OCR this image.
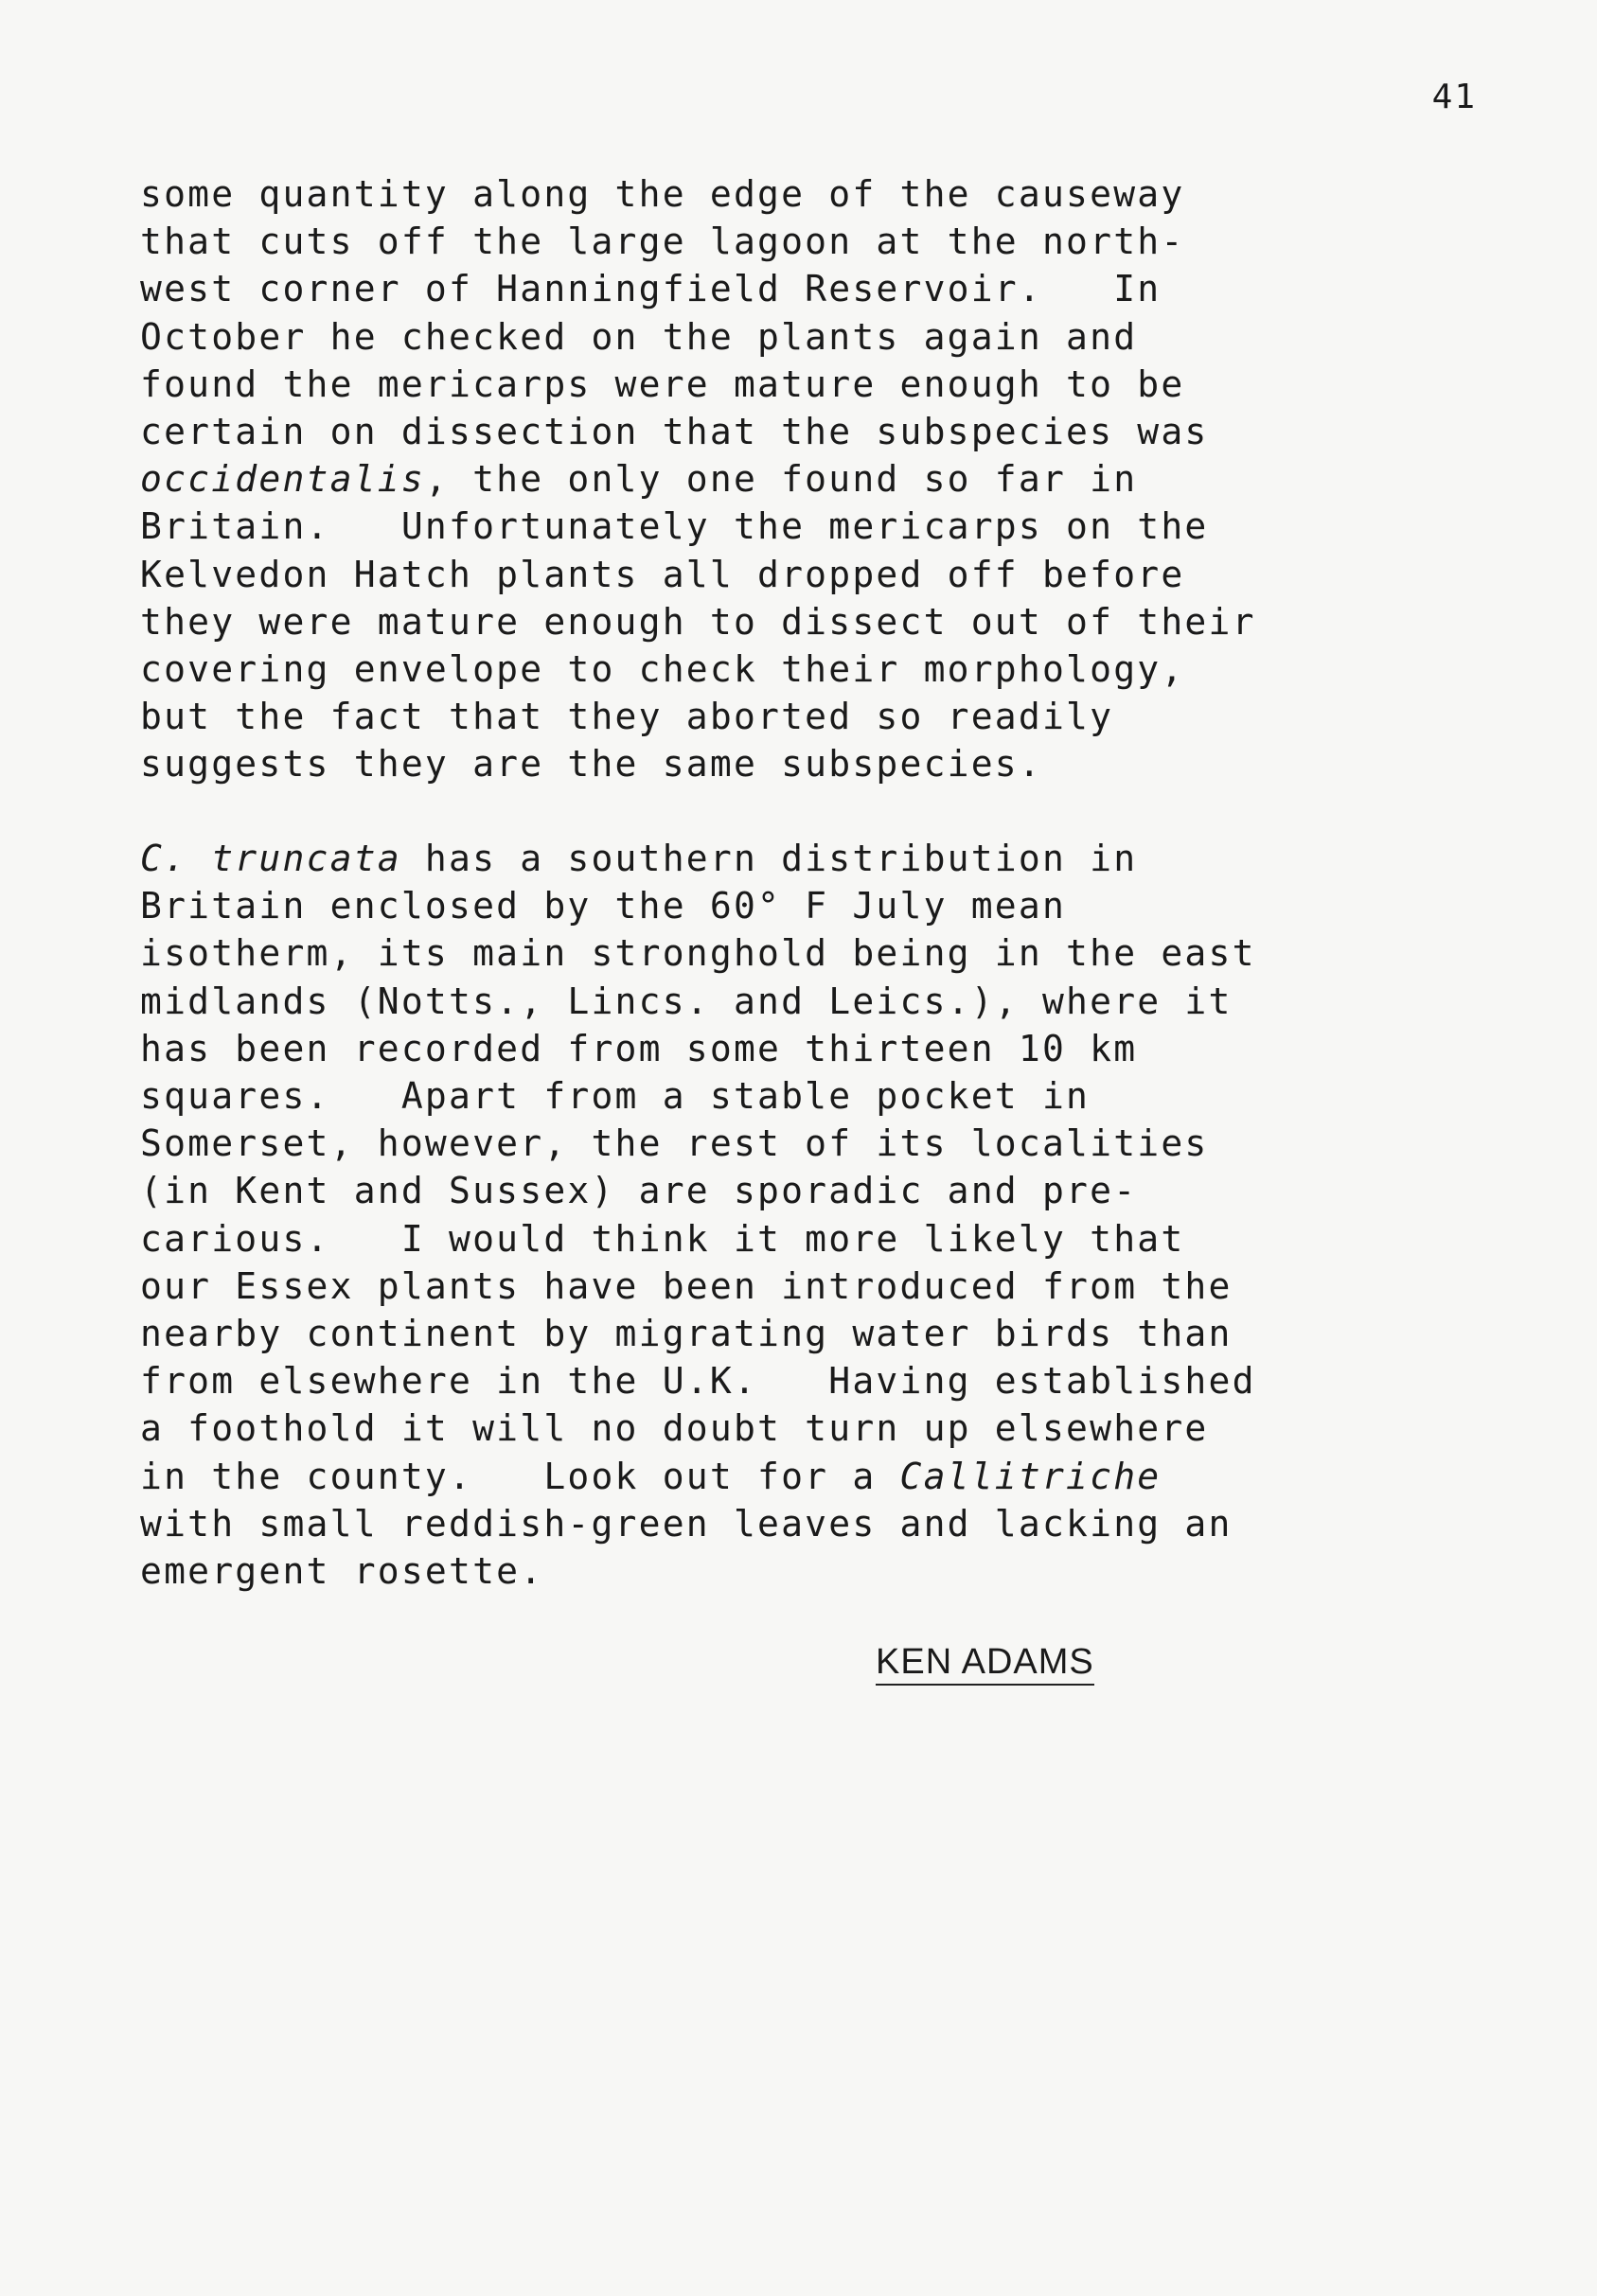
41
some quantity along the edge of the causeway
that cuts off the large lagoon at the north-
west corner of Hanningfield Reservoir.   In
October he checked on the plants again and
found the mericarps were mature enough to be
certain on dissection that the subspecies was
occidentalis, the only one found so far in
Britain.   Unfortunately the mericarps on the
Kelvedon Hatch plants all dropped off before
they were mature enough to dissect out of their
covering envelope to check their morphology,
but the fact that they aborted so readily
suggests they are the same subspecies.
C. truncata has a southern distribution in
Britain enclosed by the 60° F July mean
isotherm, its main stronghold being in the east
midlands (Notts., Lincs. and Leics.), where it
has been recorded from some thirteen 10 km
squares.   Apart from a stable pocket in
Somerset, however, the rest of its localities
(in Kent and Sussex) are sporadic and pre-
carious.   I would think it more likely that
our Essex plants have been introduced from the
nearby continent by migrating water birds than
from elsewhere in the U.K.   Having established
a foothold it will no doubt turn up elsewhere
in the county.   Look out for a Callitriche
with small reddish-green leaves and lacking an
emergent rosette.
KEN ADAMS
